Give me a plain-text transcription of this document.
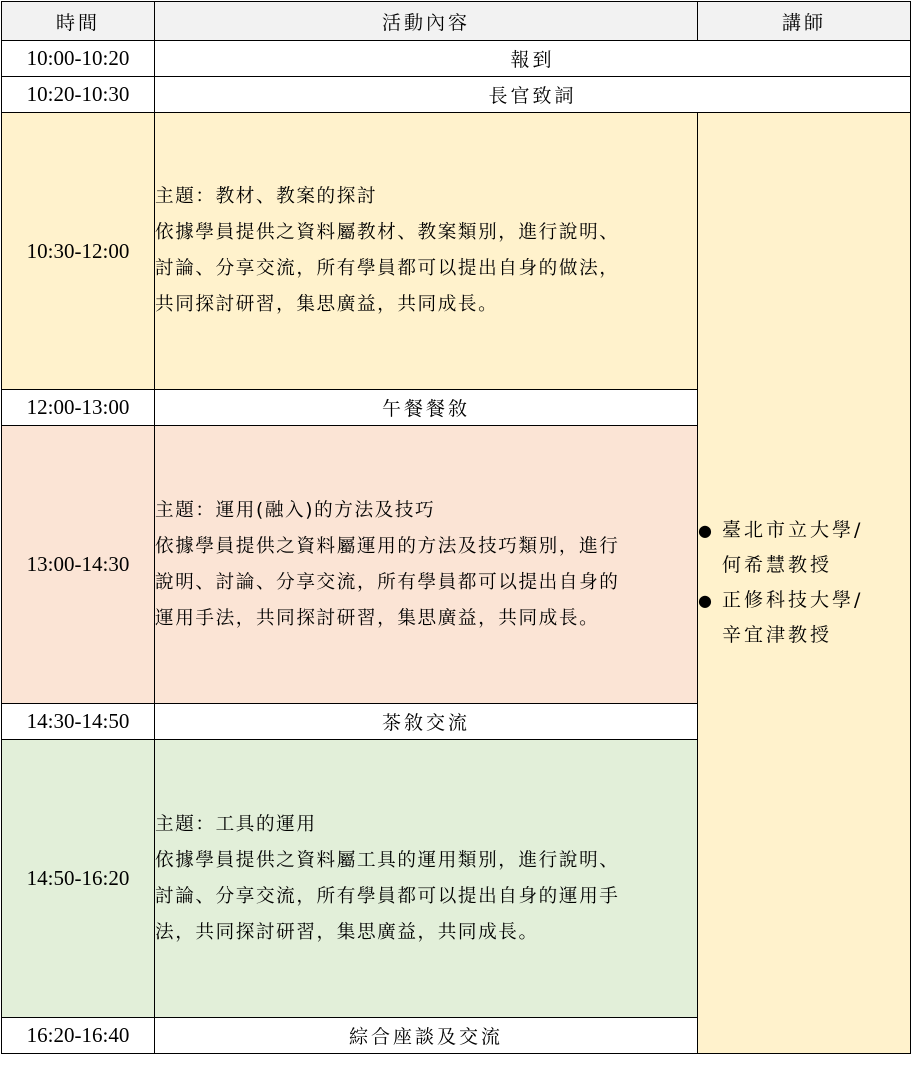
時間	活動內容	講師
10:00-10:20	報到	
10:20-10:30	長官致詞	
10:30-12:00	主題：教材、教案的探討
依據學員提供之資料屬教材、教案類別，進行說明、
討論、分享交流，所有學員都可以提出自身的做法，
共同探討研習，集思廣益，共同成長。	● 臺北市立大學/
何希慧教授
● 正修科技大學/
辛宜津教授

12:00-13:00	午餐餐敘	
13:00-14:30	主題：運用(融入)的方法及技巧
依據學員提供之資料屬運用的方法及技巧類別，進行
說明、討論、分享交流，所有學員都可以提出自身的
運用手法，共同探討研習，集思廣益，共同成長。	

14:30-14:50	茶敘交流	
14:50-16:20	主題：工具的運用
依據學員提供之資料屬工具的運用類別，進行說明、
討論、分享交流，所有學員都可以提出自身的運用手
法，共同探討研習，集思廣益，共同成長。	

16:20-16:40	綜合座談及交流	
